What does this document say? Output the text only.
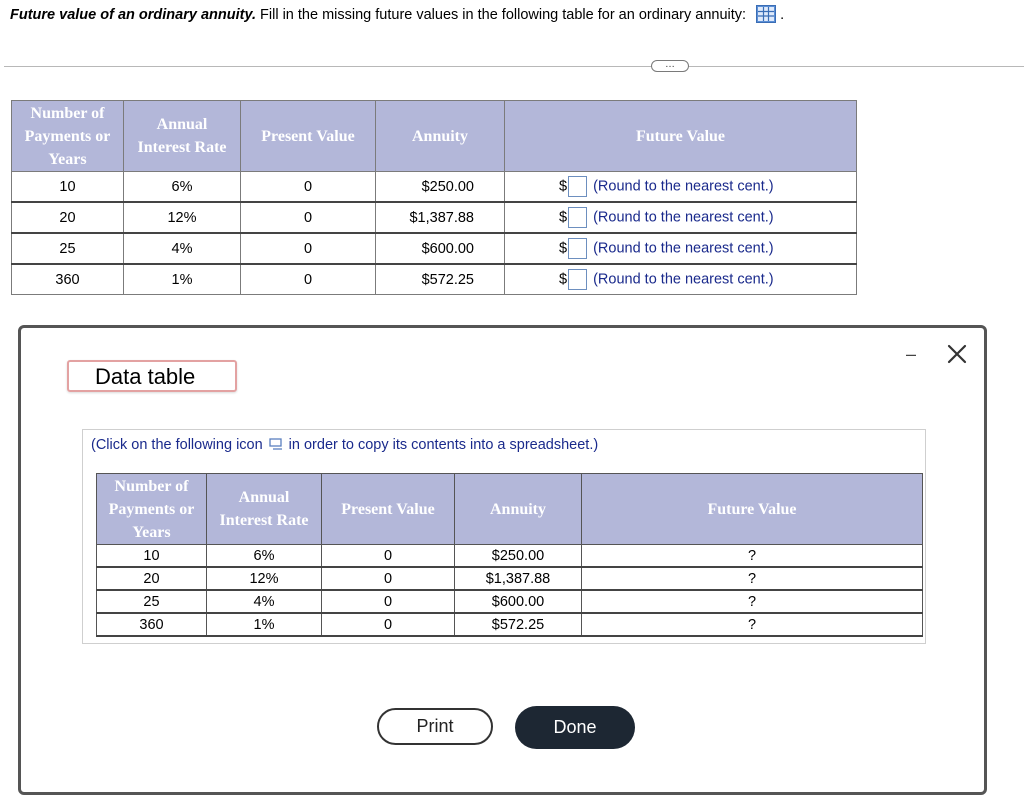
Future value of an ordinary annuity. Fill in the missing future values in the following table for an ordinary annuity: .
…
Number of
Payments or
Years	Annual
Interest Rate	Present Value	Annuity	Future Value
10	6%	0	$250.00	$ (Round to the nearest cent.)
20	12%	0	$1,387.88	$ (Round to the nearest cent.)
25	4%	0	$600.00	$ (Round to the nearest cent.)
360	1%	0	$572.25	$ (Round to the nearest cent.)
Data table
–
(Click on the following icon in order to copy its contents into a spreadsheet.)
Number of
Payments or
Years	Annual
Interest Rate	Present Value	Annuity	Future Value
10	6%	0	$250.00	?
20	12%	0	$1,387.88	?
25	4%	0	$600.00	?
360	1%	0	$572.25	?
Print	Done
